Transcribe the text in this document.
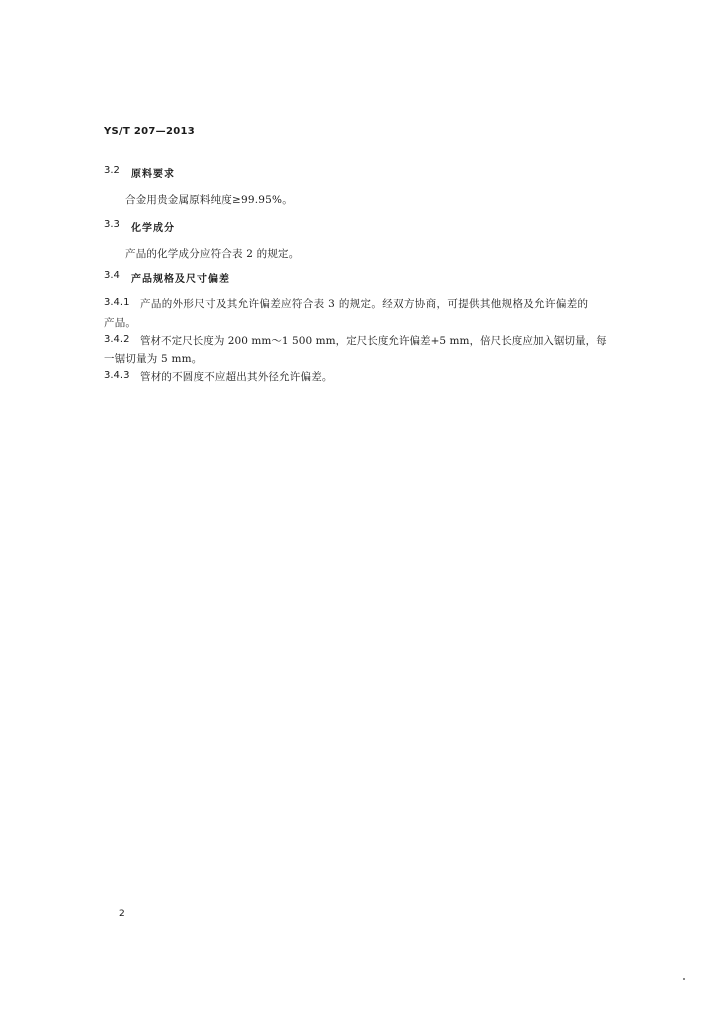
YS/T 207—2013
3.2 原料要求
合金用贵金属原料纯度≥99.95%。
3.3 化学成分
产品的化学成分应符合表 2 的规定。
3.4 产品规格及尺寸偏差
3.4.1 产品的外形尺寸及其允许偏差应符合表 3 的规定。经双方协商，可提供其他规格及允许偏差的
产品。
3.4.2 管材不定尺长度为 200 mm～1 500 mm，定尺长度允许偏差+5 mm，倍尺长度应加入锯切量，每
一锯切量为 5 mm。
3.4.3 管材的不圆度不应超出其外径允许偏差。
2
